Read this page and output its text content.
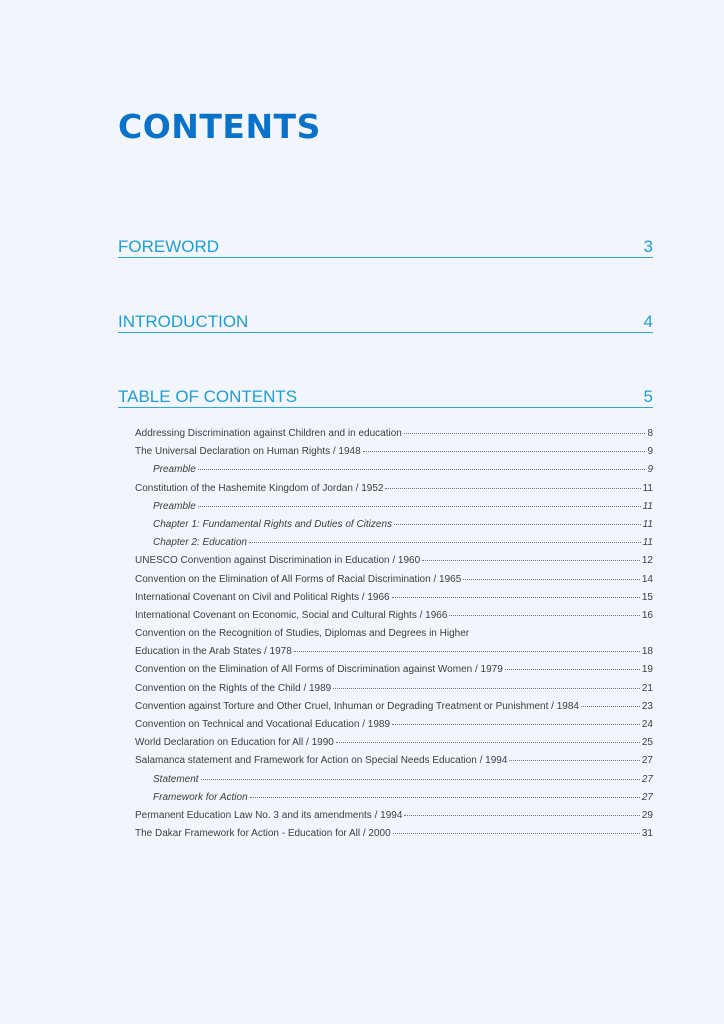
CONTENTS
FOREWORD	3
INTRODUCTION	4
TABLE OF CONTENTS	5
Addressing Discrimination against Children and in education	8
The Universal Declaration on Human Rights / 1948	9
Preamble	9
Constitution of the Hashemite Kingdom of Jordan / 1952	11
Preamble	11
Chapter 1: Fundamental Rights and Duties of Citizens	11
Chapter 2: Education	11
UNESCO Convention against Discrimination in Education / 1960	12
Convention on the Elimination of All Forms of Racial Discrimination / 1965	14
International Covenant on Civil and Political Rights / 1966	15
International Covenant on Economic, Social and Cultural Rights / 1966	16
Convention on the Recognition of Studies, Diplomas and Degrees in Higher
Education in the Arab States / 1978	18
Convention on the Elimination of All Forms of Discrimination against Women / 1979	19
Convention on the Rights of the Child / 1989	21
Convention against Torture and Other Cruel, Inhuman or Degrading Treatment or Punishment / 1984	23
Convention on Technical and Vocational Education / 1989	24
World Declaration on Education for All / 1990	25
Salamanca statement and Framework for Action on Special Needs Education / 1994	27
Statement	27
Framework for Action	27
Permanent Education Law No. 3 and its amendments / 1994	29
The Dakar Framework for Action - Education for All / 2000	31
